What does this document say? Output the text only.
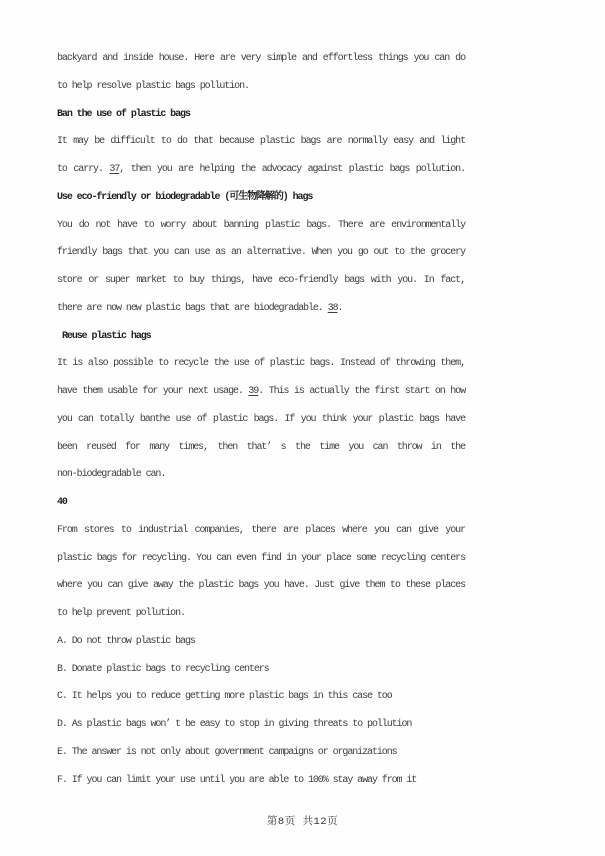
backyard and inside house. Here are very simple and effortless things you can do
to help resolve plastic bags pollution.
Ban the use of plastic bags
It may be difficult to do that because plastic bags are normally easy and light
to carry. 37, then you are helping the advocacy against plastic bags pollution.
Use eco-friendly or biodegradable (可生物降解的) hags
You do not have to worry about banning plastic bags. There are environmentally
friendly bags that you can use as an alternative. When you go out to the grocery
store or super market to buy things, have eco-friendly bags with you. In fact,
there are now new plastic bags that are biodegradable. 38.
Reuse plastic hags
It is also possible to recycle the use of plastic bags. Instead of throwing them,
have them usable for your next usage. 39. This is actually the first start on how
you can totally banthe use of plastic bags. If you think your plastic bags have
been reused for many times, then that’ s the time you can throw in the
non-biodegradable can.
40
From stores to industrial companies, there are places where you can give your
plastic bags for recycling. You can even find in your place some recycling centers
where you can give away the plastic bags you have. Just give them to these places
to help prevent pollution.
A. Do not throw plastic bags
B. Donate plastic bags to recycling centers
C. It helps you to reduce getting more plastic bags in this case too
D. As plastic bags won’ t be easy to stop in giving threats to pollution
E. The answer is not only about government campaigns or organizations
F. If you can limit your use until you are able to 100% stay away from it
第8页 共12页
